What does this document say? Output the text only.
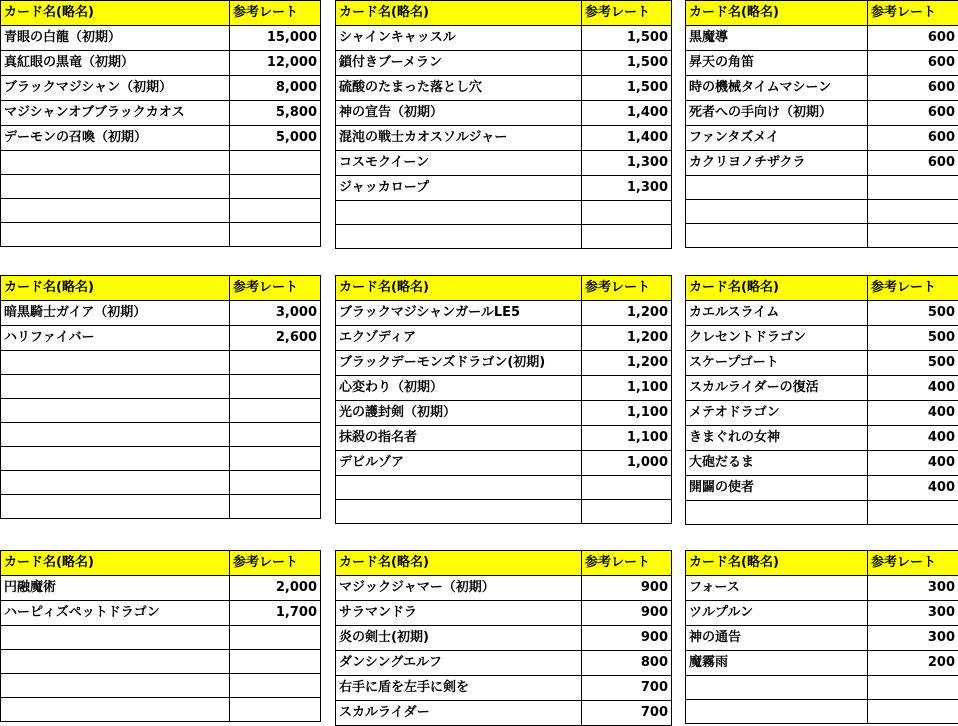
カード名(略名)	参考レート
青眼の白龍（初期）	15,000
真紅眼の黒竜（初期）	12,000
ブラックマジシャン（初期）	8,000
マジシャンオブブラックカオス	5,800
デーモンの召喚（初期）	5,000

カード名(略名)	参考レート
シャインキャッスル	1,500
鎖付きブーメラン	1,500
硫酸のたまった落とし穴	1,500
神の宣告（初期）	1,400
混沌の戦士カオスソルジャー	1,400
コスモクイーン	1,300
ジャッカロープ	1,300

カード名(略名)	参考レート
黒魔導	600
昇天の角笛	600
時の機械タイムマシーン	600
死者への手向け（初期）	600
ファンタズメイ	600
カクリヨノチザクラ	600

カード名(略名)	参考レート
暗黒騎士ガイア（初期）	3,000
ハリファイバー	2,600

カード名(略名)	参考レート
ブラックマジシャンガールLE5	1,200
エクゾディア	1,200
ブラックデーモンズドラゴン(初期)	1,200
心変わり（初期）	1,100
光の護封剣（初期）	1,100
抹殺の指名者	1,100
デビルゾア	1,000

カード名(略名)	参考レート
カエルスライム	500
クレセントドラゴン	500
スケープゴート	500
スカルライダーの復活	400
メテオドラゴン	400
きまぐれの女神	400
大砲だるま	400
開闢の使者	400

カード名(略名)	参考レート
円融魔術	2,000
ハーピィズペットドラゴン	1,700

カード名(略名)	参考レート
マジックジャマー（初期）	900
サラマンドラ	900
炎の剣士(初期)	900
ダンシングエルフ	800
右手に盾を左手に剣を	700
スカルライダー	700
カード名(略名)	参考レート
フォース	300
ツルプルン	300
神の通告	300
魔霧雨	200
